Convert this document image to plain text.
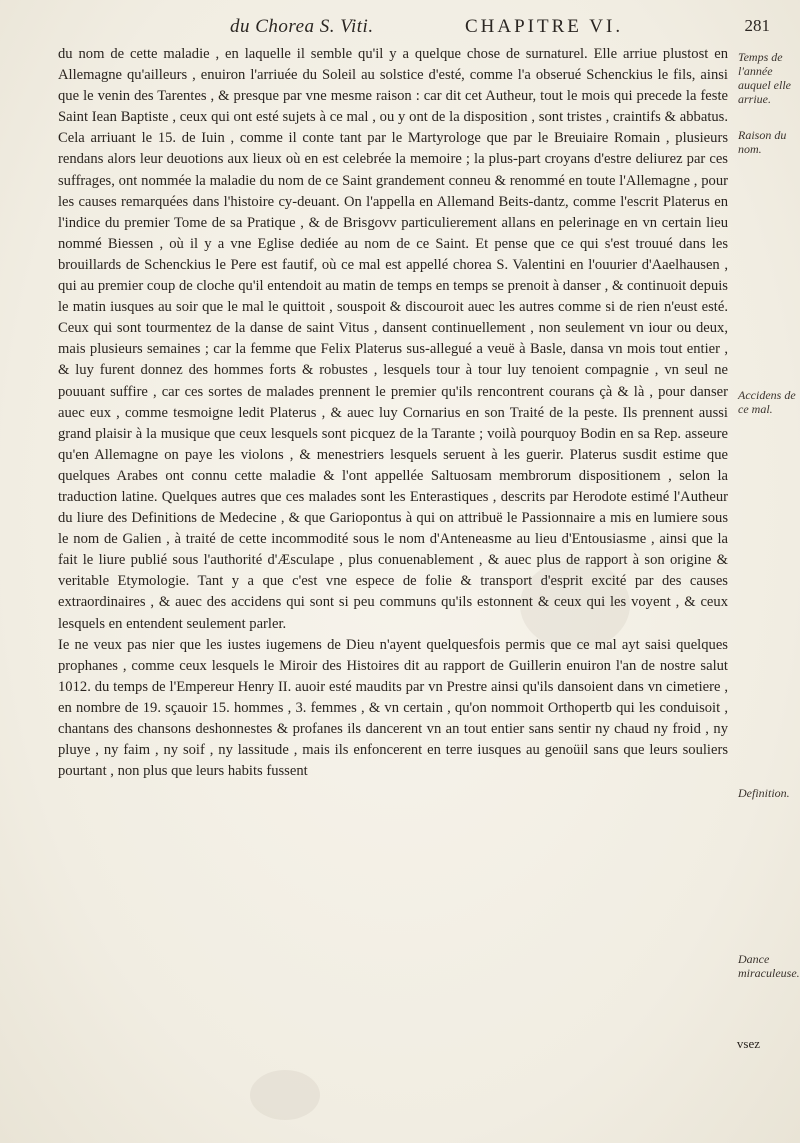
du Chorea S. Viti.	CHAPITRE VI.	281

du nom de cette maladie , en laquelle il semble qu'il y a quelque chose de surnaturel. Elle arriue plustost en Allemagne qu'ailleurs , enuiron l'arriuée du Soleil au solstice d'esté, comme l'a obserué Schenckius le fils, ainsi que le venin des Tarentes , & presque par vne mesme raison : car dit cet Autheur, tout le mois qui precede la feste Saint Iean Baptiste , ceux qui ont esté sujets à ce mal , ou y ont de la disposition , sont tristes , craintifs & abbatus. Cela arriuant le 15. de Iuin , comme il conte tant par le Martyrologe que par le Breuiaire Romain , plusieurs rendans alors leur deuotions aux lieux où en est celebrée la memoire ; la plus-part croyans d'estre deliurez par ces suffrages, ont nommée la maladie du nom de ce Saint grandement conneu & renommé en toute l'Allemagne , pour les causes remarquées dans l'histoire cy-deuant. On l'appella en Allemand Beits-dantz, comme l'escrit Platerus en l'indice du premier Tome de sa Pratique , & de Brisgovv particulierement allans en pelerinage en vn certain lieu nommé Biessen , où il y a vne Eglise dediée au nom de ce Saint. Et pense que ce qui s'est trouué dans les brouillards de Schenckius le Pere est fautif, où ce mal est appellé chorea S. Valentini en l'ouurier d'Aaelhausen , qui au premier coup de cloche qu'il entendoit au matin de temps en temps se prenoit à danser , & continuoit depuis le matin iusques au soir que le mal le quittoit , souspoit & discouroit auec les autres comme si de rien n'eust esté. Ceux qui sont tourmentez de la danse de saint Vitus , dansent continuellement , non seulement vn iour ou deux, mais plusieurs semaines ; car la femme que Felix Platerus sus-allegué a veuë à Basle, dansa vn mois tout entier , & luy furent donnez des hommes forts & robustes , lesquels tour à tour luy tenoient compagnie , vn seul ne pouuant suffire , car ces sortes de malades prennent le premier qu'ils rencontrent courans çà & là , pour danser auec eux , comme tesmoigne ledit Platerus , & auec luy Cornarius en son Traité de la peste. Ils prennent aussi grand plaisir à la musique que ceux lesquels sont picquez de la Tarante ; voilà pourquoy Bodin en sa Rep. asseure qu'en Allemagne on paye les violons , & menestriers lesquels seruent à les guerir. Platerus susdit estime que quelques Arabes ont connu cette maladie & l'ont appellée Saltuosam membrorum dispositionem , selon la traduction latine. Quelques autres que ces malades sont les Enterastiques , descrits par Herodote estimé l'Autheur du liure des Definitions de Medecine , & que Gariopontus à qui on attribuë le Passionnaire a mis en lumiere sous le nom de Galien , à traité de cette incommodité sous le nom d'Anteneasme au lieu d'Entousiasme , ainsi que la fait le liure publié sous l'authorité d'Æsculape , plus conuenablement , & auec plus de rapport à son origine & veritable Etymologie. Tant y a que c'est vne espece de folie & transport d'esprit excité par des causes extraordinaires , & auec des accidens qui sont si peu communs qu'ils estonnent & ceux qui les voyent , & ceux lesquels en entendent seulement parler.

Ie ne veux pas nier que les iustes iugemens de Dieu n'ayent quelquesfois permis que ce mal ayt saisi quelques prophanes , comme ceux lesquels le Miroir des Histoires dit au rapport de Guillerin enuiron l'an de nostre salut 1012. du temps de l'Empereur Henry II. auoir esté maudits par vn Prestre ainsi qu'ils dansoient dans vn cimetiere , en nombre de 19. sçauoir 15. hommes , 3. femmes , & vn certain , qu'on nommoit Orthopertb qui les conduisoit , chantans des chansons deshonnestes & profanes ils dancerent vn an tout entier sans sentir ny chaud ny froid , ny pluye , ny faim , ny soif , ny lassitude , mais ils enfoncerent en terre iusques au genoüil sans que leurs souliers pourtant , non plus que leurs habits fussent

Temps de l'année auquel elle arriue.
Raison du nom.
Accidens de ce mal.
Definition.
Dance miraculeuse.
vsez
